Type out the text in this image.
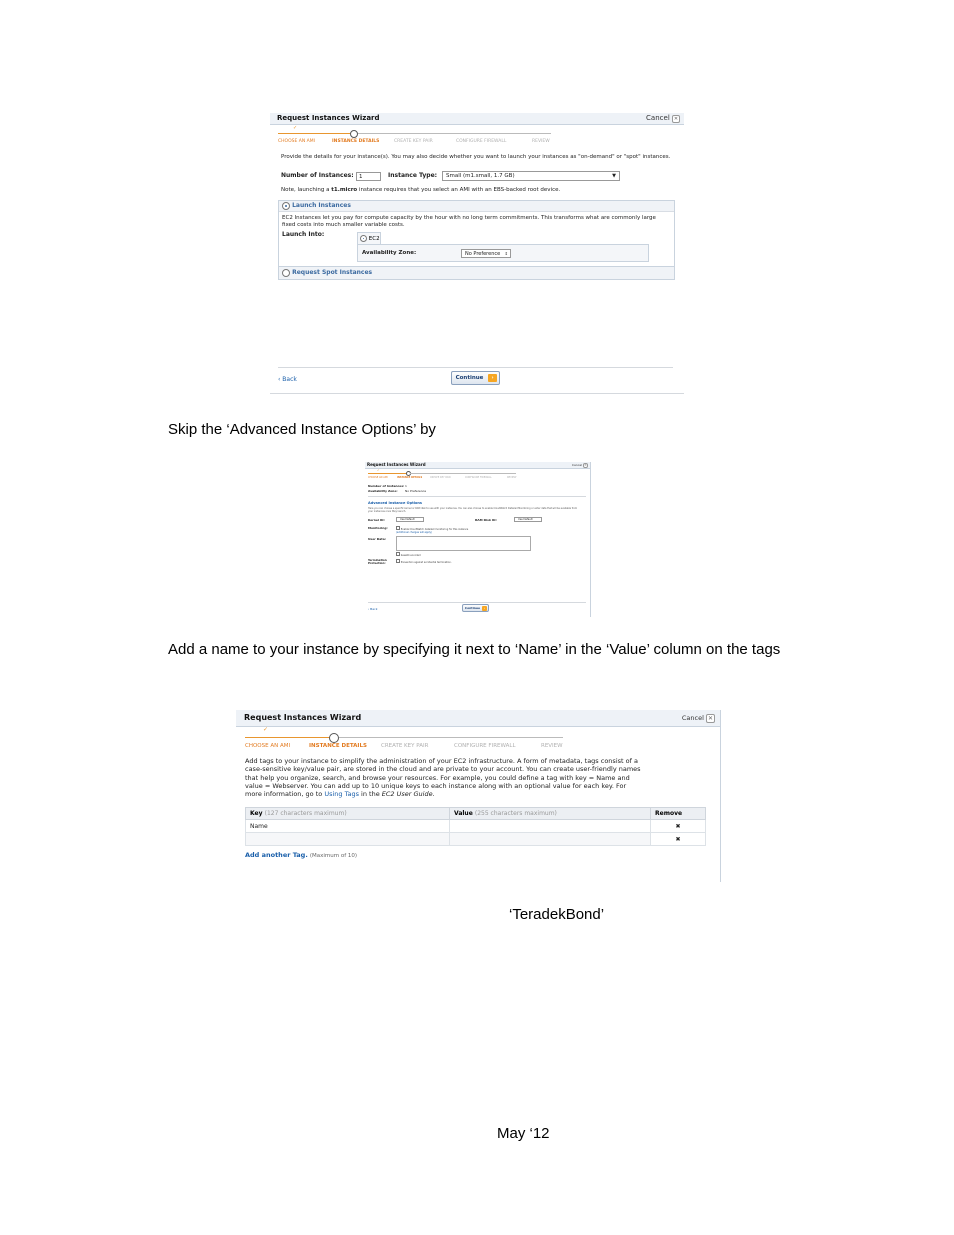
Request Instances Wizard	Cancel ✕
✓
CHOOSE AN AMI	INSTANCE DETAILS	CREATE KEY PAIR	CONFIGURE FIREWALL	REVIEW
Provide the details for your instance(s). You may also decide whether you want to launch your instances as "on-demand" or "spot" instances.
Number of Instances: 1	Instance Type:	Small (m1.small, 1.7 GB)	▼
Note, launching a t1.micro instance requires that you select an AMI with an EBS-backed root device.
Launch Instances
EC2 Instances let you pay for compute capacity by the hour with no long term commitments. This transforms what are commonly large fixed costs into much smaller variable costs.
Launch Into:
EC2
Availability Zone:	No Preference ⇕
Request Spot Instances
‹ Back	Continue	›
Skip the ‘Advanced Instance Options’ by
Request Instances Wizard	Cancel ✕
✓
CHOOSE AN AMI	INSTANCE DETAILS	CREATE KEY PAIR	CONFIGURE FIREWALL	REVIEW
Number of Instances: 1
Availability Zone: No Preference
Advanced Instance Options
Here you can choose a specific kernel or RAM disk to use with your instances. You can also choose to enable CloudWatch Detailed Monitoring or enter data that will be available from your instances once they launch.
Kernel ID:	Use Default	RAM Disk ID:	Use Default
Monitoring:	Enable CloudWatch detailed monitoring for this instance
(additional charges will apply)
User Data:
base64 encoded
Termination Protection:	Prevention against accidental termination.
‹ Back	Continue	›
Add a name to your instance by specifying it next to ‘Name’ in the ‘Value’ column on the tags
Request Instances Wizard	Cancel ✕
✓
CHOOSE AN AMI	INSTANCE DETAILS	CREATE KEY PAIR	CONFIGURE FIREWALL	REVIEW
Add tags to your instance to simplify the administration of your EC2 infrastructure. A form of metadata, tags consist of a
case-sensitive key/value pair, are stored in the cloud and are private to your account. You can create user-friendly names
that help you organize, search, and browse your resources. For example, you could define a tag with key = Name and
value = Webserver. You can add up to 10 unique keys to each instance along with an optional value for each key. For
more information, go to Using Tags in the EC2 User Guide.
Key (127 characters maximum)	Value (255 characters maximum)	Remove
Name		✖
		✖
Add another Tag. (Maximum of 10)
‘TeradekBond’
May ‘12
